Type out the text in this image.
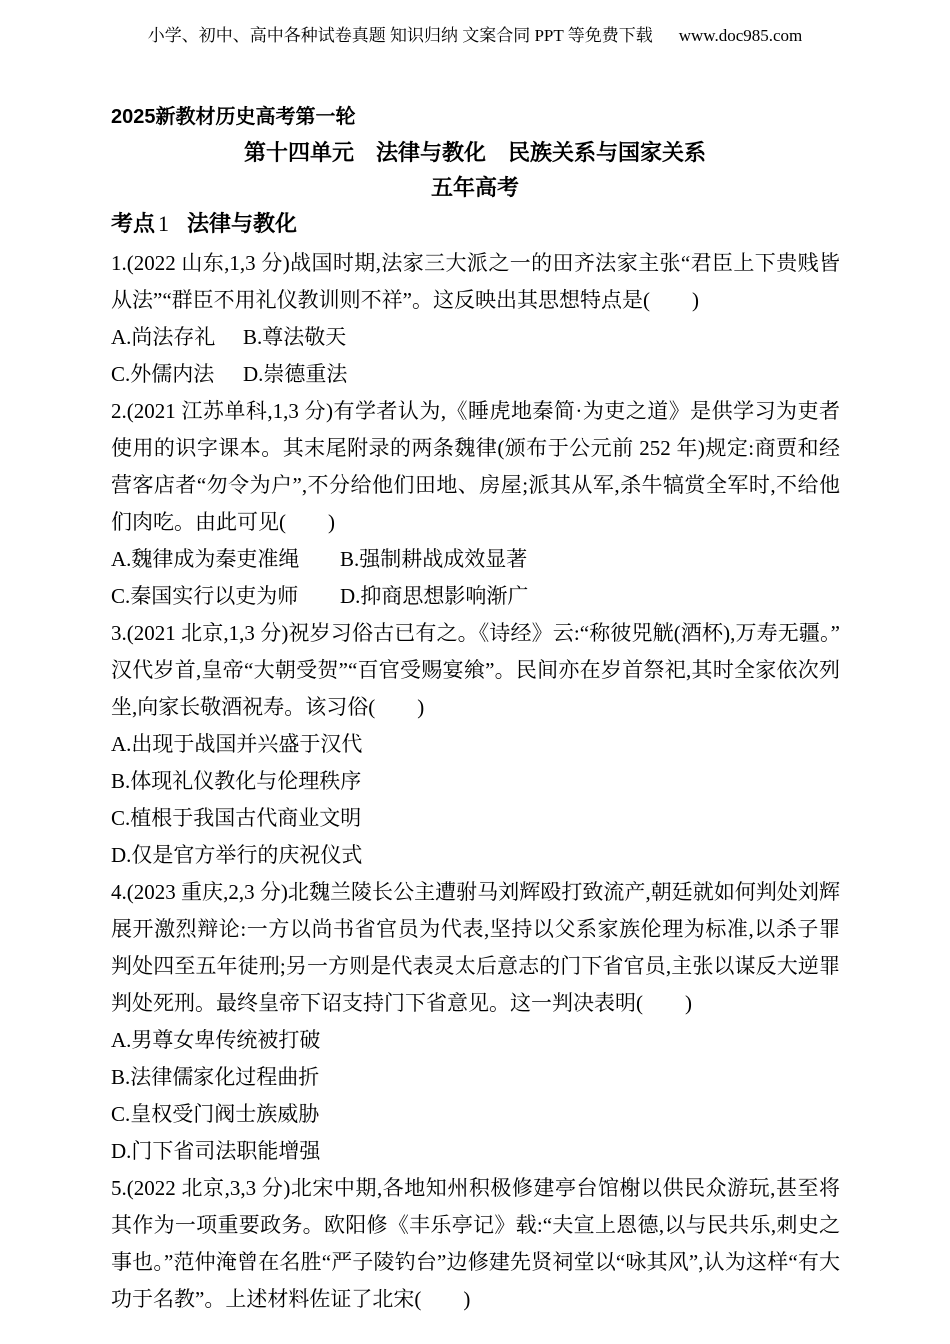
小学、初中、高中各种试卷真题 知识归纳 文案合同 PPT 等免费下载 www.doc985.com
2025新教材历史高考第一轮
第十四单元　法律与教化　民族关系与国家关系
五年高考
考点 1 法律与教化

1.(2022 山东,1,3 分)战国时期,法家三大派之一的田齐法家主张“君臣上下贵贱皆从法”“群臣不用礼仪教训则不祥”。这反映出其思想特点是(　　)

A.尚法存礼 B.尊法敬天
C.外儒内法 D.崇德重法

2.(2021 江苏单科,1,3 分)有学者认为,《睡虎地秦简·为吏之道》是供学习为吏者使用的识字课本。其末尾附录的两条魏律(颁布于公元前 252 年)规定:商贾和经营客店者“勿令为户”,不分给他们田地、房屋;派其从军,杀牛犒赏全军时,不给他们肉吃。由此可见(　　)

A.魏律成为秦吏准绳 B.强制耕战成效显著
C.秦国实行以吏为师 D.抑商思想影响渐广

3.(2021 北京,1,3 分)祝岁习俗古已有之。《诗经》云:“称彼兕觥(酒杯),万寿无疆。”汉代岁首,皇帝“大朝受贺”“百官受赐宴飨”。民间亦在岁首祭祀,其时全家依次列坐,向家长敬酒祝寿。该习俗(　　)

A.出现于战国并兴盛于汉代
B.体现礼仪教化与伦理秩序
C.植根于我国古代商业文明
D.仅是官方举行的庆祝仪式

4.(2023 重庆,2,3 分)北魏兰陵长公主遭驸马刘辉殴打致流产,朝廷就如何判处刘辉展开激烈辩论:一方以尚书省官员为代表,坚持以父系家族伦理为标准,以杀子罪判处四至五年徒刑;另一方则是代表灵太后意志的门下省官员,主张以谋反大逆罪判处死刑。最终皇帝下诏支持门下省意见。这一判决表明(　　)

A.男尊女卑传统被打破
B.法律儒家化过程曲折
C.皇权受门阀士族威胁
D.门下省司法职能增强

5.(2022 北京,3,3 分)北宋中期,各地知州积极修建亭台馆榭以供民众游玩,甚至将其作为一项重要政务。欧阳修《丰乐亭记》载:“夫宣上恩德,以与民共乐,刺史之事也。”范仲淹曾在名胜“严子陵钓台”边修建先贤祠堂以“咏其风”,认为这样“有大功于名教”。上述材料佐证了北宋(　　)
